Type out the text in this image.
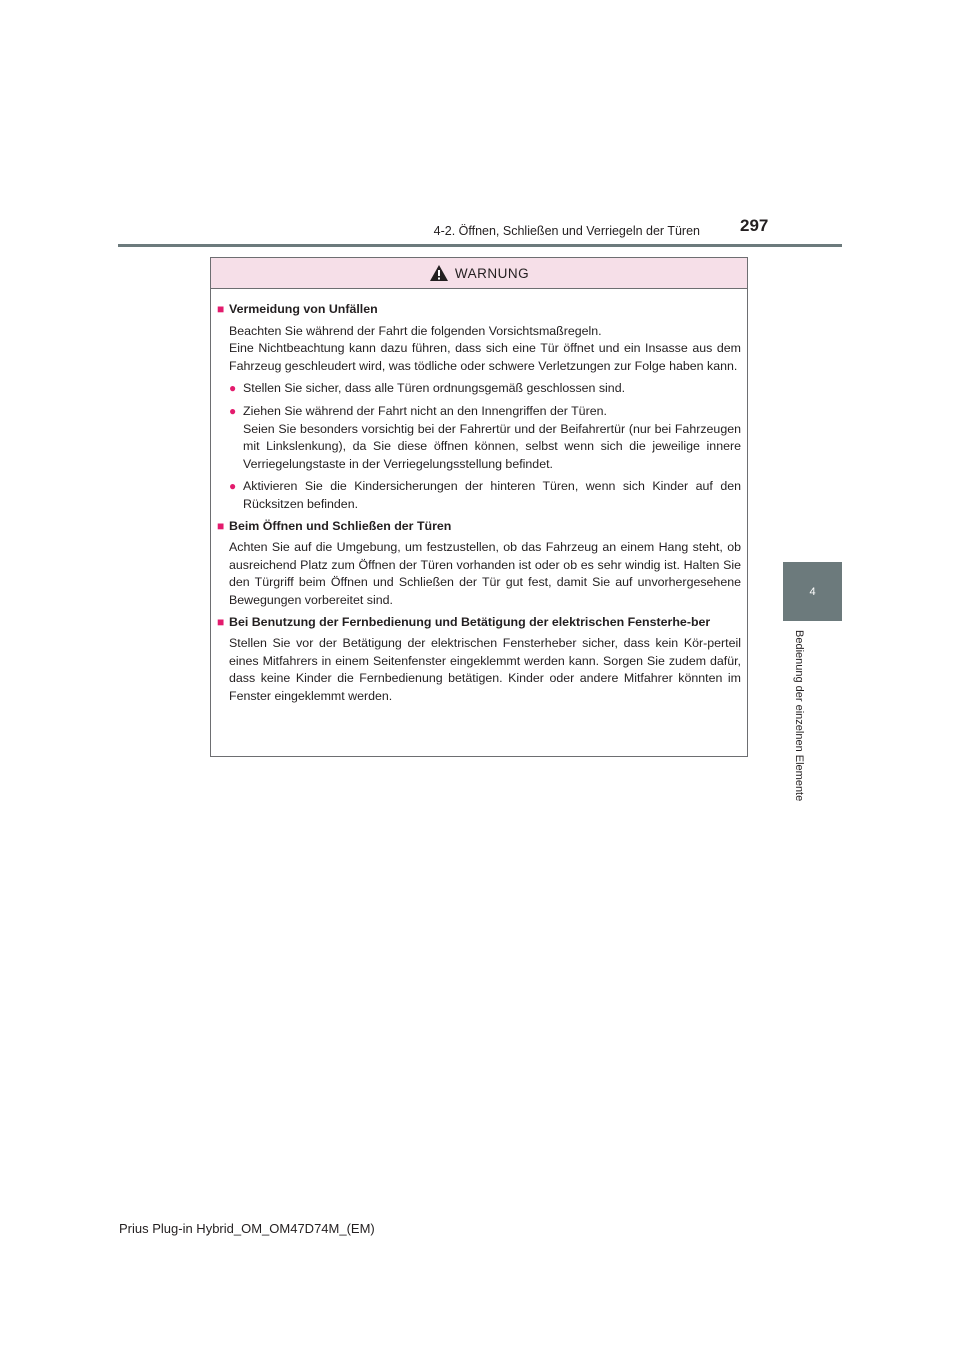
4-2. Öffnen, Schließen und Verriegeln der Türen 297
4
Bedienung der einzelnen Elemente
WARNUNG
■ Vermeidung von Unfällen

Beachten Sie während der Fahrt die folgenden Vorsichtsmaßregeln.

Eine Nichtbeachtung kann dazu führen, dass sich eine Tür öffnet und ein Insasse aus dem Fahrzeug geschleudert wird, was tödliche oder schwere Verletzungen zur Folge haben kann.

● Stellen Sie sicher, dass alle Türen ordnungsgemäß geschlossen sind.

● Ziehen Sie während der Fahrt nicht an den Innengriffen der Türen.

Seien Sie besonders vorsichtig bei der Fahrertür und der Beifahrertür (nur bei Fahrzeugen mit Linkslenkung), da Sie diese öffnen können, selbst wenn sich die jeweilige innere Verriegelungstaste in der Verriegelungsstellung befindet.

● Aktivieren Sie die Kindersicherungen der hinteren Türen, wenn sich Kinder auf den Rücksitzen befinden.

■ Beim Öffnen und Schließen der Türen

Achten Sie auf die Umgebung, um festzustellen, ob das Fahrzeug an einem Hang steht, ob ausreichend Platz zum Öffnen der Türen vorhanden ist oder ob es sehr windig ist. Halten Sie den Türgriff beim Öffnen und Schließen der Tür gut fest, damit Sie auf unvorhergesehene Bewegungen vorbereitet sind.

■ Bei Benutzung der Fernbedienung und Betätigung der elektrischen Fensterhe-ber

Stellen Sie vor der Betätigung der elektrischen Fensterheber sicher, dass kein Kör-perteil eines Mitfahrers in einem Seitenfenster eingeklemmt werden kann. Sorgen Sie zudem dafür, dass keine Kinder die Fernbedienung betätigen. Kinder oder andere Mitfahrer könnten im Fenster eingeklemmt werden.

Prius Plug-in Hybrid_OM_OM47D74M_(EM)
